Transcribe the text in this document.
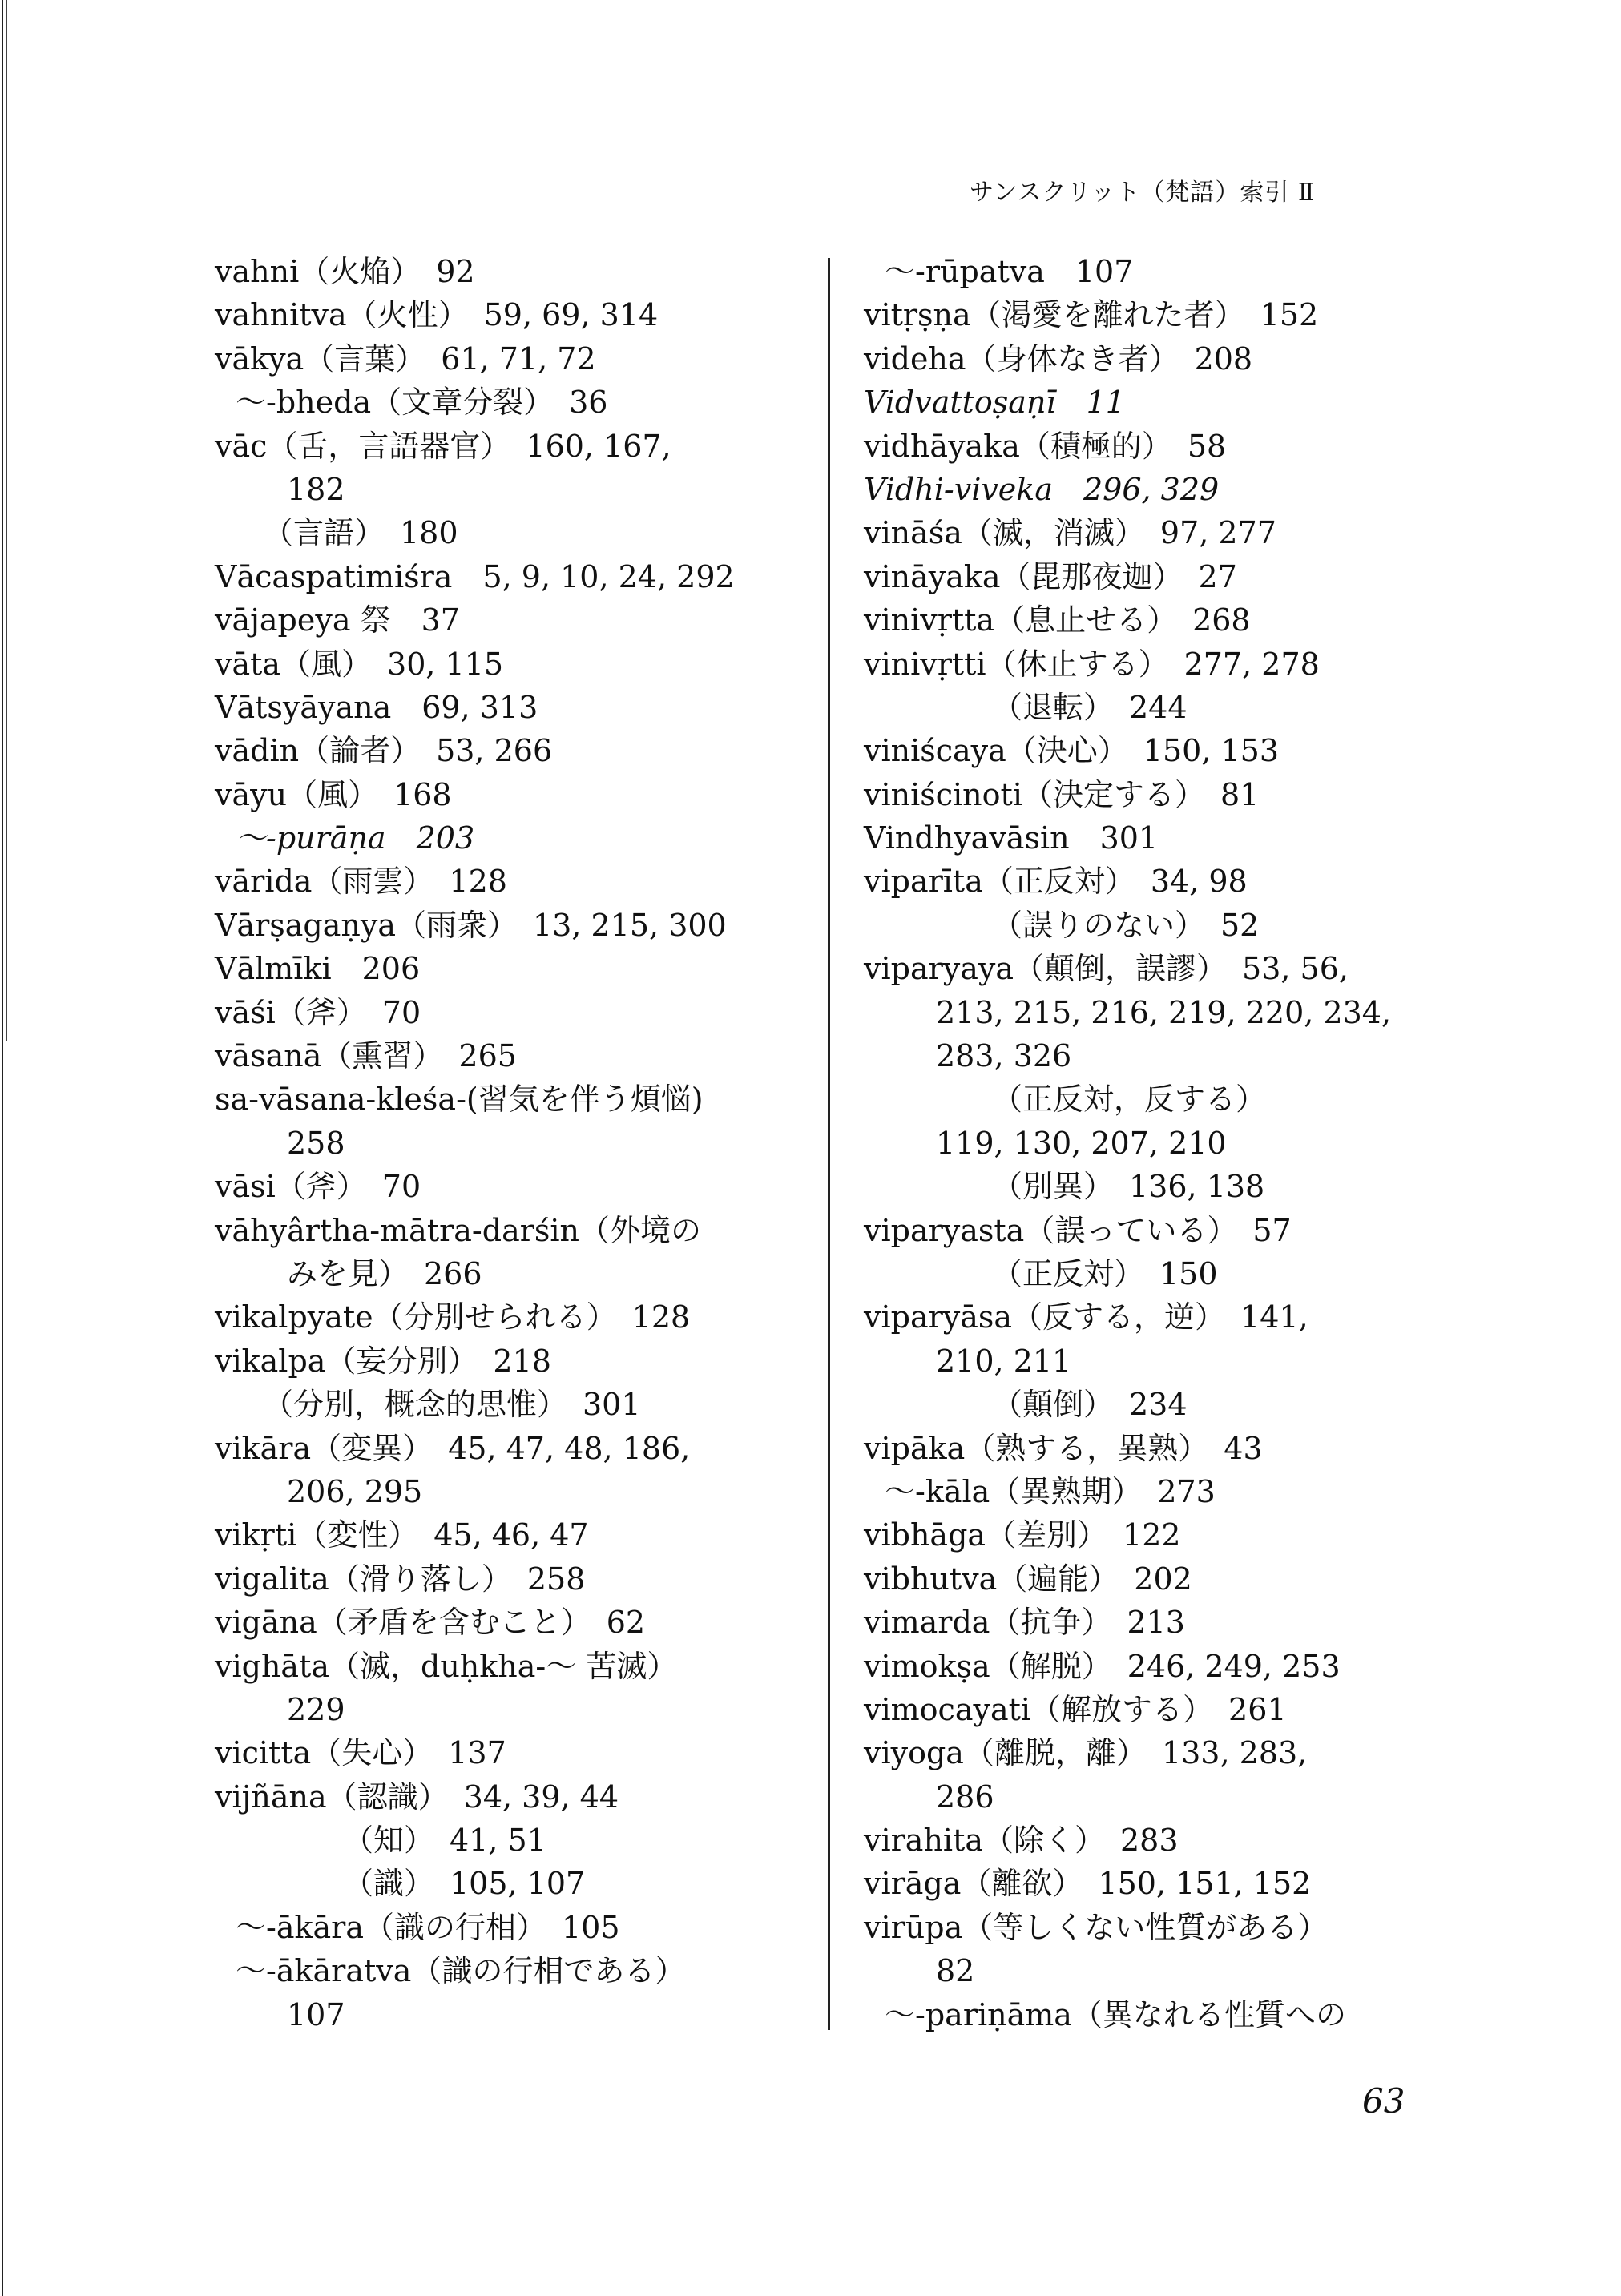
サンスクリット（梵語）索引 Ⅱ
vahni（火焔）　92
vahnitva（火性）　59, 69, 314
vākya（言葉）　61, 71, 72
～-bheda（文章分裂）　36
vāc（舌，言語器官）　160, 167,
182
（言語）　180
Vācaspatimiśra　5, 9, 10, 24, 292
vājapeya 祭　37
vāta（風）　30, 115
Vātsyāyana　69, 313
vādin（論者）　53, 266
vāyu（風）　168
～-purāṇa　203
vārida（雨雲）　128
Vārṣagaṇya（雨衆）　13, 215, 300
Vālmīki　206
vāśi（斧）　70
vāsanā（熏習）　265
sa-vāsana-kleśa-(習気を伴う煩悩)
258
vāsi（斧）　70
vāhyârtha-mātra-darśin（外境の
みを見）　266
vikalpyate（分別せられる）　128
vikalpa（妄分別）　218
（分別，概念的思惟）　301
vikāra（変異）　45, 47, 48, 186,
206, 295
vikṛti（変性）　45, 46, 47
vigalita（滑り落し）　258
vigāna（矛盾を含むこと）　62
vighāta（滅，duḥkha-～ 苦滅）
229
vicitta（失心）　137
vijñāna（認識）　34, 39, 44
（知）　41, 51
（識）　105, 107
～-ākāra（識の行相）　105
～-ākāratva（識の行相である）
107
～-rūpatva　107
vitṛṣṇa（渇愛を離れた者）　152
videha（身体なき者）　208
Vidvattoṣaṇī　11
vidhāyaka（積極的）　58
Vidhi-viveka　296, 329
vināśa（滅，消滅）　97, 277
vināyaka（毘那夜迦）　27
vinivṛtta（息止せる）　268
vinivṛtti（休止する）　277, 278
（退転）　244
viniścaya（決心）　150, 153
viniścinoti（決定する）　81
Vindhyavāsin　301
viparīta（正反対）　34, 98
（誤りのない）　52
viparyaya（顛倒，誤謬）　53, 56,
213, 215, 216, 219, 220, 234,
283, 326
（正反対，反する）
119, 130, 207, 210
（別異）　136, 138
viparyasta（誤っている）　57
（正反対）　150
viparyāsa（反する，逆）　141,
210, 211
（顛倒）　234
vipāka（熟する，異熟）　43
～-kāla（異熟期）　273
vibhāga（差別）　122
vibhutva（遍能）　202
vimarda（抗争）　213
vimokṣa（解脱）　246, 249, 253
vimocayati（解放する）　261
viyoga（離脱，離）　133, 283,
286
virahita（除く）　283
virāga（離欲）　150, 151, 152
virūpa（等しくない性質がある）
82
～-pariṇāma（異なれる性質への
63
